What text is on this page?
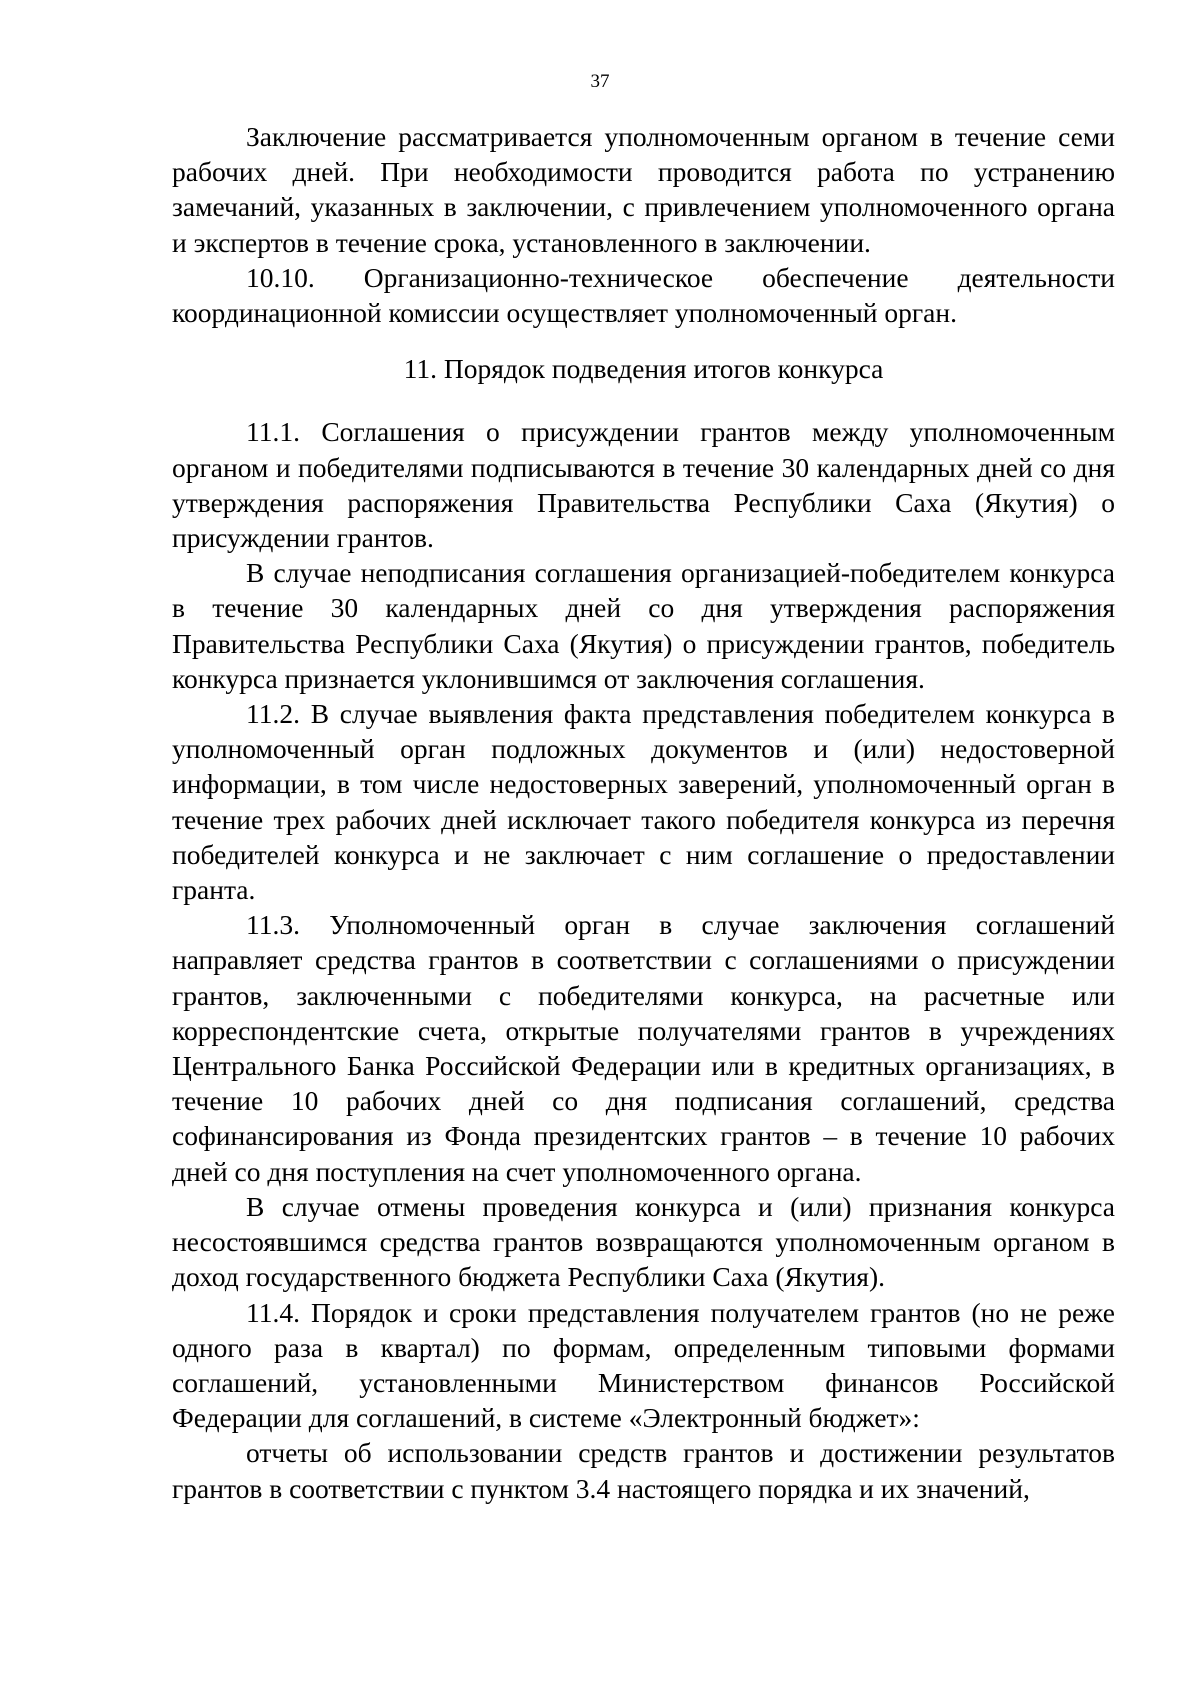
37

Заключение рассматривается уполномоченным органом в течение семи рабочих дней. При необходимости проводится работа по устранению замечаний, указанных в заключении, с привлечением уполномоченного органа и экспертов в течение срока, установленного в заключении.

10.10. Организационно-техническое обеспечение деятельности координационной комиссии осуществляет уполномоченный орган.

11. Порядок подведения итогов конкурса

11.1. Соглашения о присуждении грантов между уполномоченным органом и победителями подписываются в течение 30 календарных дней со дня утверждения распоряжения Правительства Республики Саха (Якутия) о присуждении грантов.

В случае неподписания соглашения организацией-победителем конкурса в течение 30 календарных дней со дня утверждения распоряжения Правительства Республики Саха (Якутия) о присуждении грантов, победитель конкурса признается уклонившимся от заключения соглашения.

11.2. В случае выявления факта представления победителем конкурса в уполномоченный орган подложных документов и (или) недостоверной информации, в том числе недостоверных заверений, уполномоченный орган в течение трех рабочих дней исключает такого победителя конкурса из перечня победителей конкурса и не заключает с ним соглашение о предоставлении гранта.

11.3. Уполномоченный орган в случае заключения соглашений направляет средства грантов в соответствии с соглашениями о присуждении грантов, заключенными с победителями конкурса, на расчетные или корреспондентские счета, открытые получателями грантов в учреждениях Центрального Банка Российской Федерации или в кредитных организациях, в течение 10 рабочих дней со дня подписания соглашений, средства софинансирования из Фонда президентских грантов – в течение 10 рабочих дней со дня поступления на счет уполномоченного органа.

В случае отмены проведения конкурса и (или) признания конкурса несостоявшимся средства грантов возвращаются уполномоченным органом в доход государственного бюджета Республики Саха (Якутия).

11.4. Порядок и сроки представления получателем грантов (но не реже одного раза в квартал) по формам, определенным типовыми формами соглашений, установленными Министерством финансов Российской Федерации для соглашений, в системе «Электронный бюджет»:

отчеты об использовании средств грантов и достижении результатов грантов в соответствии с пунктом 3.4 настоящего порядка и их значений,
